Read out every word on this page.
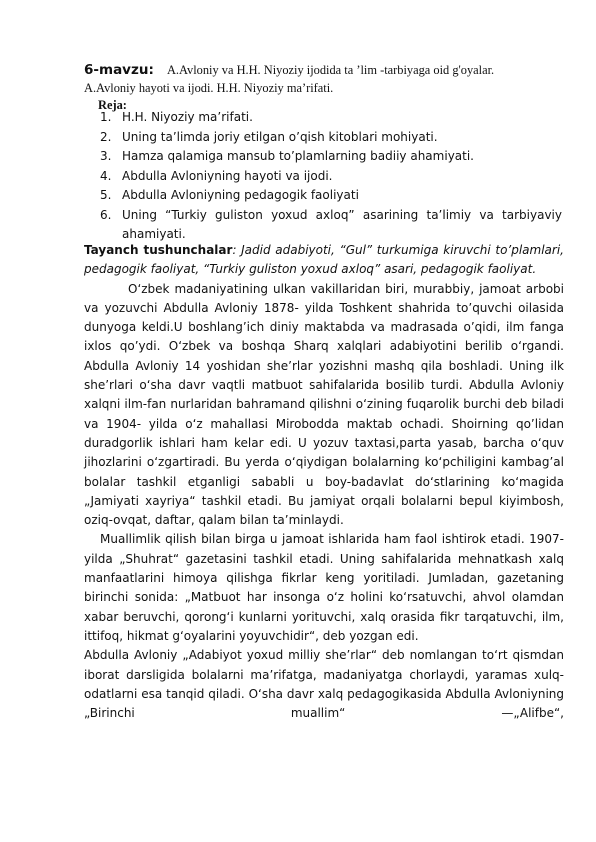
6-mavzu: A.Avloniy va H.H. Niyoziy ijodida ta ’lim -tarbiyaga oid g'oyalar.
A.Avloniy hayoti va ijodi. H.H. Niyoziy ma’rifati.
Reja:
1. H.H. Niyoziy ma’rifati.
2. Uning ta’limda joriy etilgan o’qish kitoblari mohiyati.
3. Hamza qalamiga mansub to’plamlarning badiiy ahamiyati.
4. Abdulla Avloniyning hayoti va ijodi.
5. Abdulla Avloniyning pedagogik faoliyati
6. Uning “Turkiy guliston yoxud axloq” asarining ta’limiy va tarbiyaviy ahamiyati.

Tayanch tushunchalar: Jadid adabiyoti, “Gul” turkumiga kiruvchi to’plamlari, pedagogik faoliyat, “Turkiy guliston yoxud axloq” asari, pedagogik faoliyat.

O‘zbek madaniyatining ulkan vakillaridan biri, murabbiy, jamoat arbobi va yozuvchi Abdulla Avloniy 1878- yilda Toshkent shahrida to’quvchi oilasida dunyoga keldi.U boshlang’ich diniy maktabda va madrasada o’qidi, ilm fanga ixlos qo’ydi. O‘zbek va boshqa Sharq xalqlari adabiyotini berilib o‘rgandi. Abdulla Avloniy 14 yoshidan she’rlar yozishni mashq qila boshladi. Uning ilk she’rlari o‘sha davr vaqtli matbuot sahifalarida bosilib turdi. Abdulla Avloniy xalqni ilm-fan nurlaridan bahramand qilishni o‘zining fuqarolik burchi deb biladi va 1904- yilda o‘z mahallasi Mirobodda maktab ochadi. Shoirning qo’lidan duradgorlik ishlari ham kelar edi. U yozuv taxtasi,parta yasab, barcha o‘quv jihozlarini o‘zgartiradi. Bu yerda o‘qiydigan bolalarning ko‘pchiligini kambag’al bolalar tashkil etganligi sababli u boy-badavlat do‘stlarining ko‘magida „Jamiyati xayriya“ tashkil etadi. Bu jamiyat orqali bolalarni bepul kiyimbosh, oziq-ovqat, daftar, qalam bilan ta’minlaydi.

Muallimlik qilish bilan birga u jamoat ishlarida ham faol ishtirok etadi. 1907-yilda „Shuhrat“ gazetasini tashkil etadi. Uning sahifalarida mehnatkash xalq manfaatlarini himoya qilishga fikrlar keng yoritiladi. Jumladan, gazetaning birinchi sonida: „Matbuot har insonga o‘z holini ko‘rsatuvchi, ahvol olamdan xabar beruvchi, qorong‘i kunlarni yorituvchi, xalq orasida fikr tarqatuvchi, ilm, ittifoq, hikmat g‘oyalarini yoyuvchidir“, deb yozgan edi.

Abdulla Avloniy „Adabiyot yoxud milliy she’rlar“ deb nomlangan to‘rt qismdan iborat darsligida bolalarni ma’rifatga, madaniyatga chorlaydi, yaramas xulq-odatlarni esa tanqid qiladi. O‘sha davr xalq pedagogikasida Abdulla Avloniyning „Birinchi muallim“ —„Alifbe“,
